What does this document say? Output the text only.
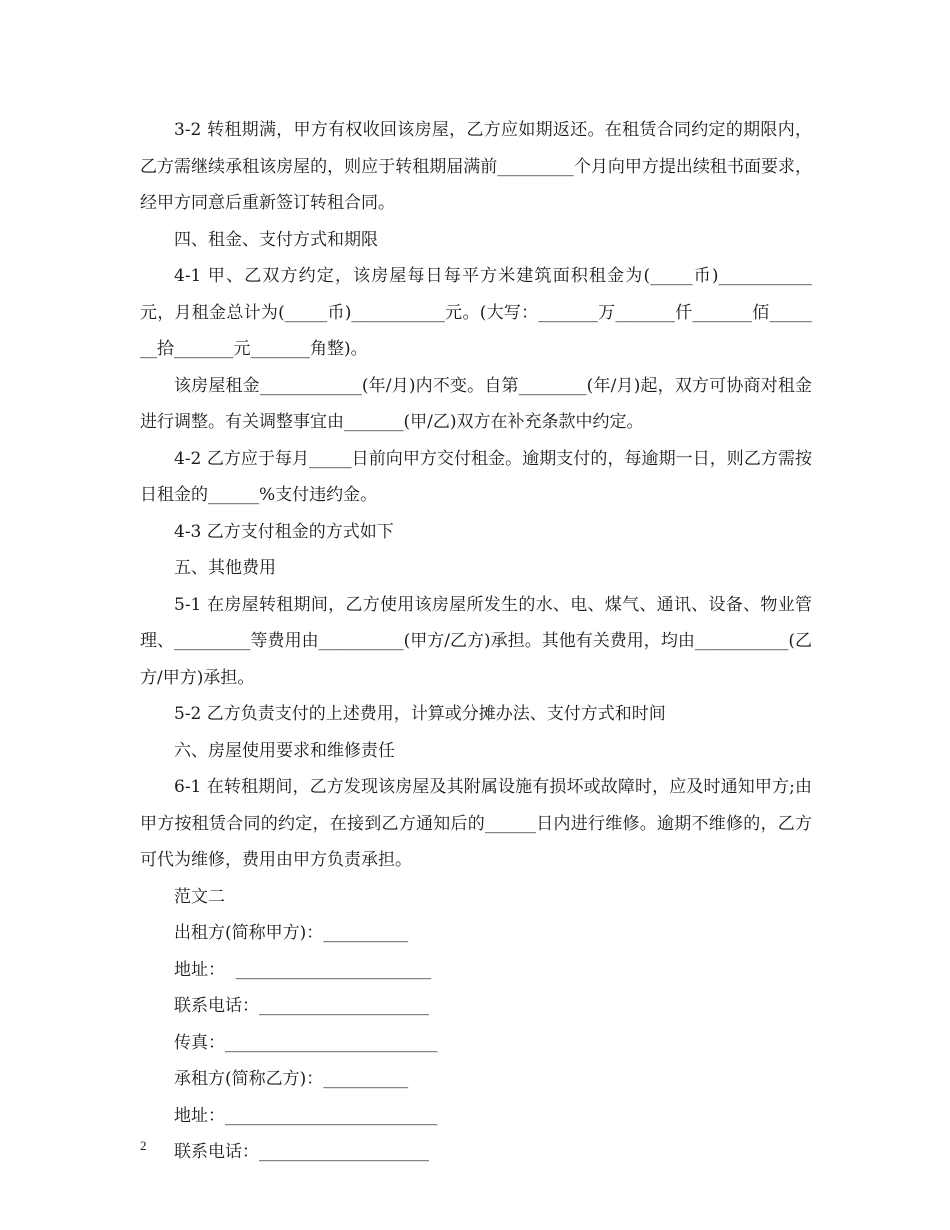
3-2 转租期满，甲方有权收回该房屋，乙方应如期返还。在租赁合同约定的期限内，乙方需继续承租该房屋的，则应于转租期届满前_________个月向甲方提出续租书面要求，经甲方同意后重新签订转租合同。

四、租金、支付方式和期限

4-1 甲、乙双方约定，该房屋每日每平方米建筑面积租金为(_____币)___________元，月租金总计为(_____币)___________元。(大写：_______万_______仟_______佰_______拾_______元_______角整)。

该房屋租金____________(年/月)内不变。自第________(年/月)起，双方可协商对租金进行调整。有关调整事宜由_______(甲/乙)双方在补充条款中约定。

4-2 乙方应于每月_____日前向甲方交付租金。逾期支付的，每逾期一日，则乙方需按日租金的______%支付违约金。

4-3 乙方支付租金的方式如下

五、其他费用

5-1 在房屋转租期间，乙方使用该房屋所发生的水、电、煤气、通讯、设备、物业管理、_________等费用由__________(甲方/乙方)承担。其他有关费用，均由___________(乙方/甲方)承担。

5-2 乙方负责支付的上述费用，计算或分摊办法、支付方式和时间

六、房屋使用要求和维修责任

6-1 在转租期间，乙方发现该房屋及其附属设施有损坏或故障时，应及时通知甲方;由甲方按租赁合同的约定，在接到乙方通知后的______日内进行维修。逾期不维修的，乙方可代为维修，费用由甲方负责承担。

范文二

出租方(简称甲方)：__________

地址：  _______________________

联系电话：____________________

传真：_________________________

承租方(简称乙方)：__________

地址：_________________________

联系电话：____________________

2
